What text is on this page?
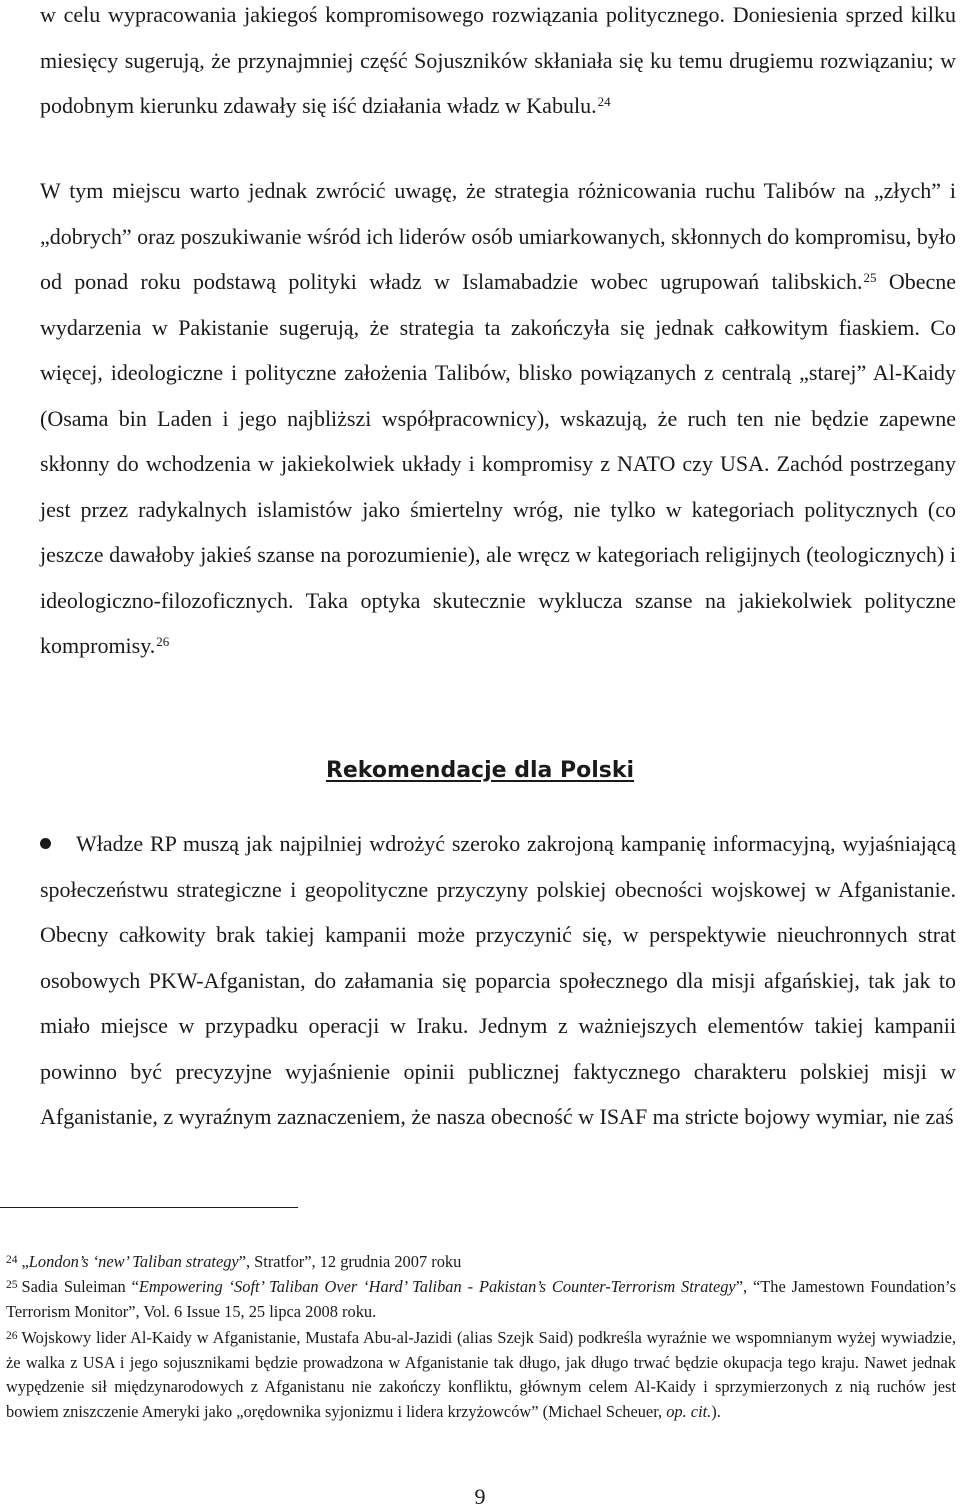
w celu wypracowania jakiegoś kompromisowego rozwiązania politycznego. Doniesienia sprzed kilku miesięcy sugerują, że przynajmniej część Sojuszników skłaniała się ku temu drugiemu rozwiązaniu; w podobnym kierunku zdawały się iść działania władz w Kabulu.$^{24}$

W tym miejscu warto jednak zwrócić uwagę, że strategia różnicowania ruchu Talibów na „złych” i „dobrych” oraz poszukiwanie wśród ich liderów osób umiarkowanych, skłonnych do kompromisu, było od ponad roku podstawą polityki władz w Islamabadzie wobec ugrupowań talibskich.$^{25}$ Obecne wydarzenia w Pakistanie sugerują, że strategia ta zakończyła się jednak całkowitym fiaskiem. Co więcej, ideologiczne i polityczne założenia Talibów, blisko powiązanych z centralą „starej” Al-Kaidy (Osama bin Laden i jego najbliższi współpracownicy), wskazują, że ruch ten nie będzie zapewne skłonny do wchodzenia w jakiekolwiek układy i kompromisy z NATO czy USA. Zachód postrzegany jest przez radykalnych islamistów jako śmiertelny wróg, nie tylko w kategoriach politycznych (co jeszcze dawałoby jakieś szanse na porozumienie), ale wręcz w kategoriach religijnych (teologicznych) i ideologiczno-filozoficznych. Taka optyka skutecznie wyklucza szanse na jakiekolwiek polityczne kompromisy.$^{26}$

Rekomendacje dla Polski

Władze RP muszą jak najpilniej wdrożyć szeroko zakrojoną kampanię informacyjną, wyjaśniającą społeczeństwu strategiczne i geopolityczne przyczyny polskiej obecności wojskowej w Afganistanie. Obecny całkowity brak takiej kampanii może przyczynić się, w perspektywie nieuchronnych strat osobowych PKW-Afganistan, do załamania się poparcia społecznego dla misji afgańskiej, tak jak to miało miejsce w przypadku operacji w Iraku. Jednym z ważniejszych elementów takiej kampanii powinno być precyzyjne wyjaśnienie opinii publicznej faktycznego charakteru polskiej misji w Afganistanie, z wyraźnym zaznaczeniem, że nasza obecność w ISAF ma stricte bojowy wymiar, nie zaś

$^{24}$ „London’s ‘new’ Taliban strategy”, Stratfor”, 12 grudnia 2007 roku

$^{25}$ Sadia Suleiman “Empowering ‘Soft’ Taliban Over ‘Hard’ Taliban - Pakistan’s Counter-Terrorism Strategy”, “The Jamestown Foundation’s Terrorism Monitor”, Vol. 6 Issue 15, 25 lipca 2008 roku.

$^{26}$ Wojskowy lider Al-Kaidy w Afganistanie, Mustafa Abu-al-Jazidi (alias Szejk Said) podkreśla wyraźnie we wspomnianym wyżej wywiadzie, że walka z USA i jego sojusznikami będzie prowadzona w Afganistanie tak długo, jak długo trwać będzie okupacja tego kraju. Nawet jednak wypędzenie sił międzynarodowych z Afganistanu nie zakończy konfliktu, głównym celem Al-Kaidy i sprzymierzonych z nią ruchów jest bowiem zniszczenie Ameryki jako „orędownika syjonizmu i lidera krzyżowców” (Michael Scheuer, op. cit.).

9
